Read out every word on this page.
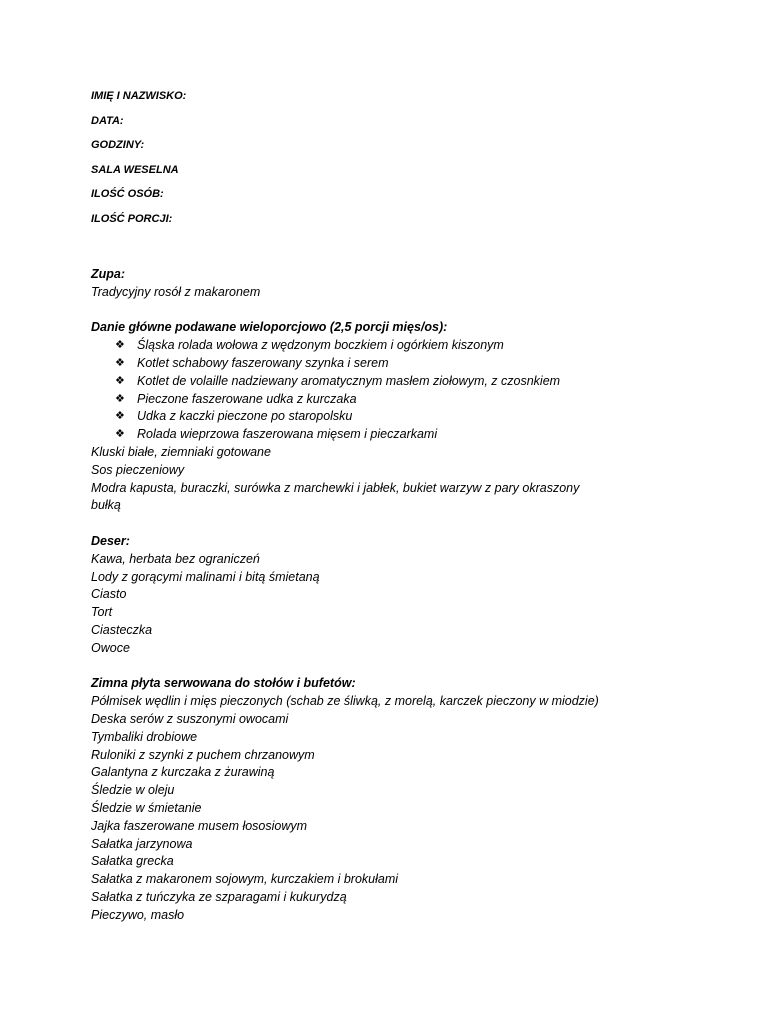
IMIĘ I NAZWISKO:
DATA:
GODZINY:
SALA WESELNA
ILOŚĆ OSÓB:
ILOŚĆ PORCJI:
Zupa:
Tradycyjny rosół z makaronem
Danie główne podawane wieloporcjowo (2,5 porcji mięs/os):
❖ Śląska rolada wołowa z wędzonym boczkiem i ogórkiem kiszonym
❖ Kotlet schabowy faszerowany szynka i serem
❖ Kotlet de volaille nadziewany aromatycznym masłem ziołowym, z czosnkiem
❖ Pieczone faszerowane udka z kurczaka
❖ Udka z kaczki pieczone po staropolsku
❖ Rolada wieprzowa faszerowana mięsem i pieczarkami
Kluski białe, ziemniaki gotowane
Sos pieczeniowy
Modra kapusta, buraczki, surówka z marchewki i jabłek, bukiet warzyw z pary okraszony
bułką
Deser:
Kawa, herbata bez ograniczeń
Lody z gorącymi malinami i bitą śmietaną
Ciasto
Tort
Ciasteczka
Owoce
Zimna płyta serwowana do stołów i bufetów:
Półmisek wędlin i mięs pieczonych (schab ze śliwką, z morelą, karczek pieczony w miodzie)
Deska serów z suszonymi owocami
Tymbaliki drobiowe
Ruloniki z szynki z puchem chrzanowym
Galantyna z kurczaka z żurawiną
Śledzie w oleju
Śledzie w śmietanie
Jajka faszerowane musem łososiowym
Sałatka jarzynowa
Sałatka grecka
Sałatka z makaronem sojowym, kurczakiem i brokułami
Sałatka z tuńczyka ze szparagami i kukurydzą
Pieczywo, masło
